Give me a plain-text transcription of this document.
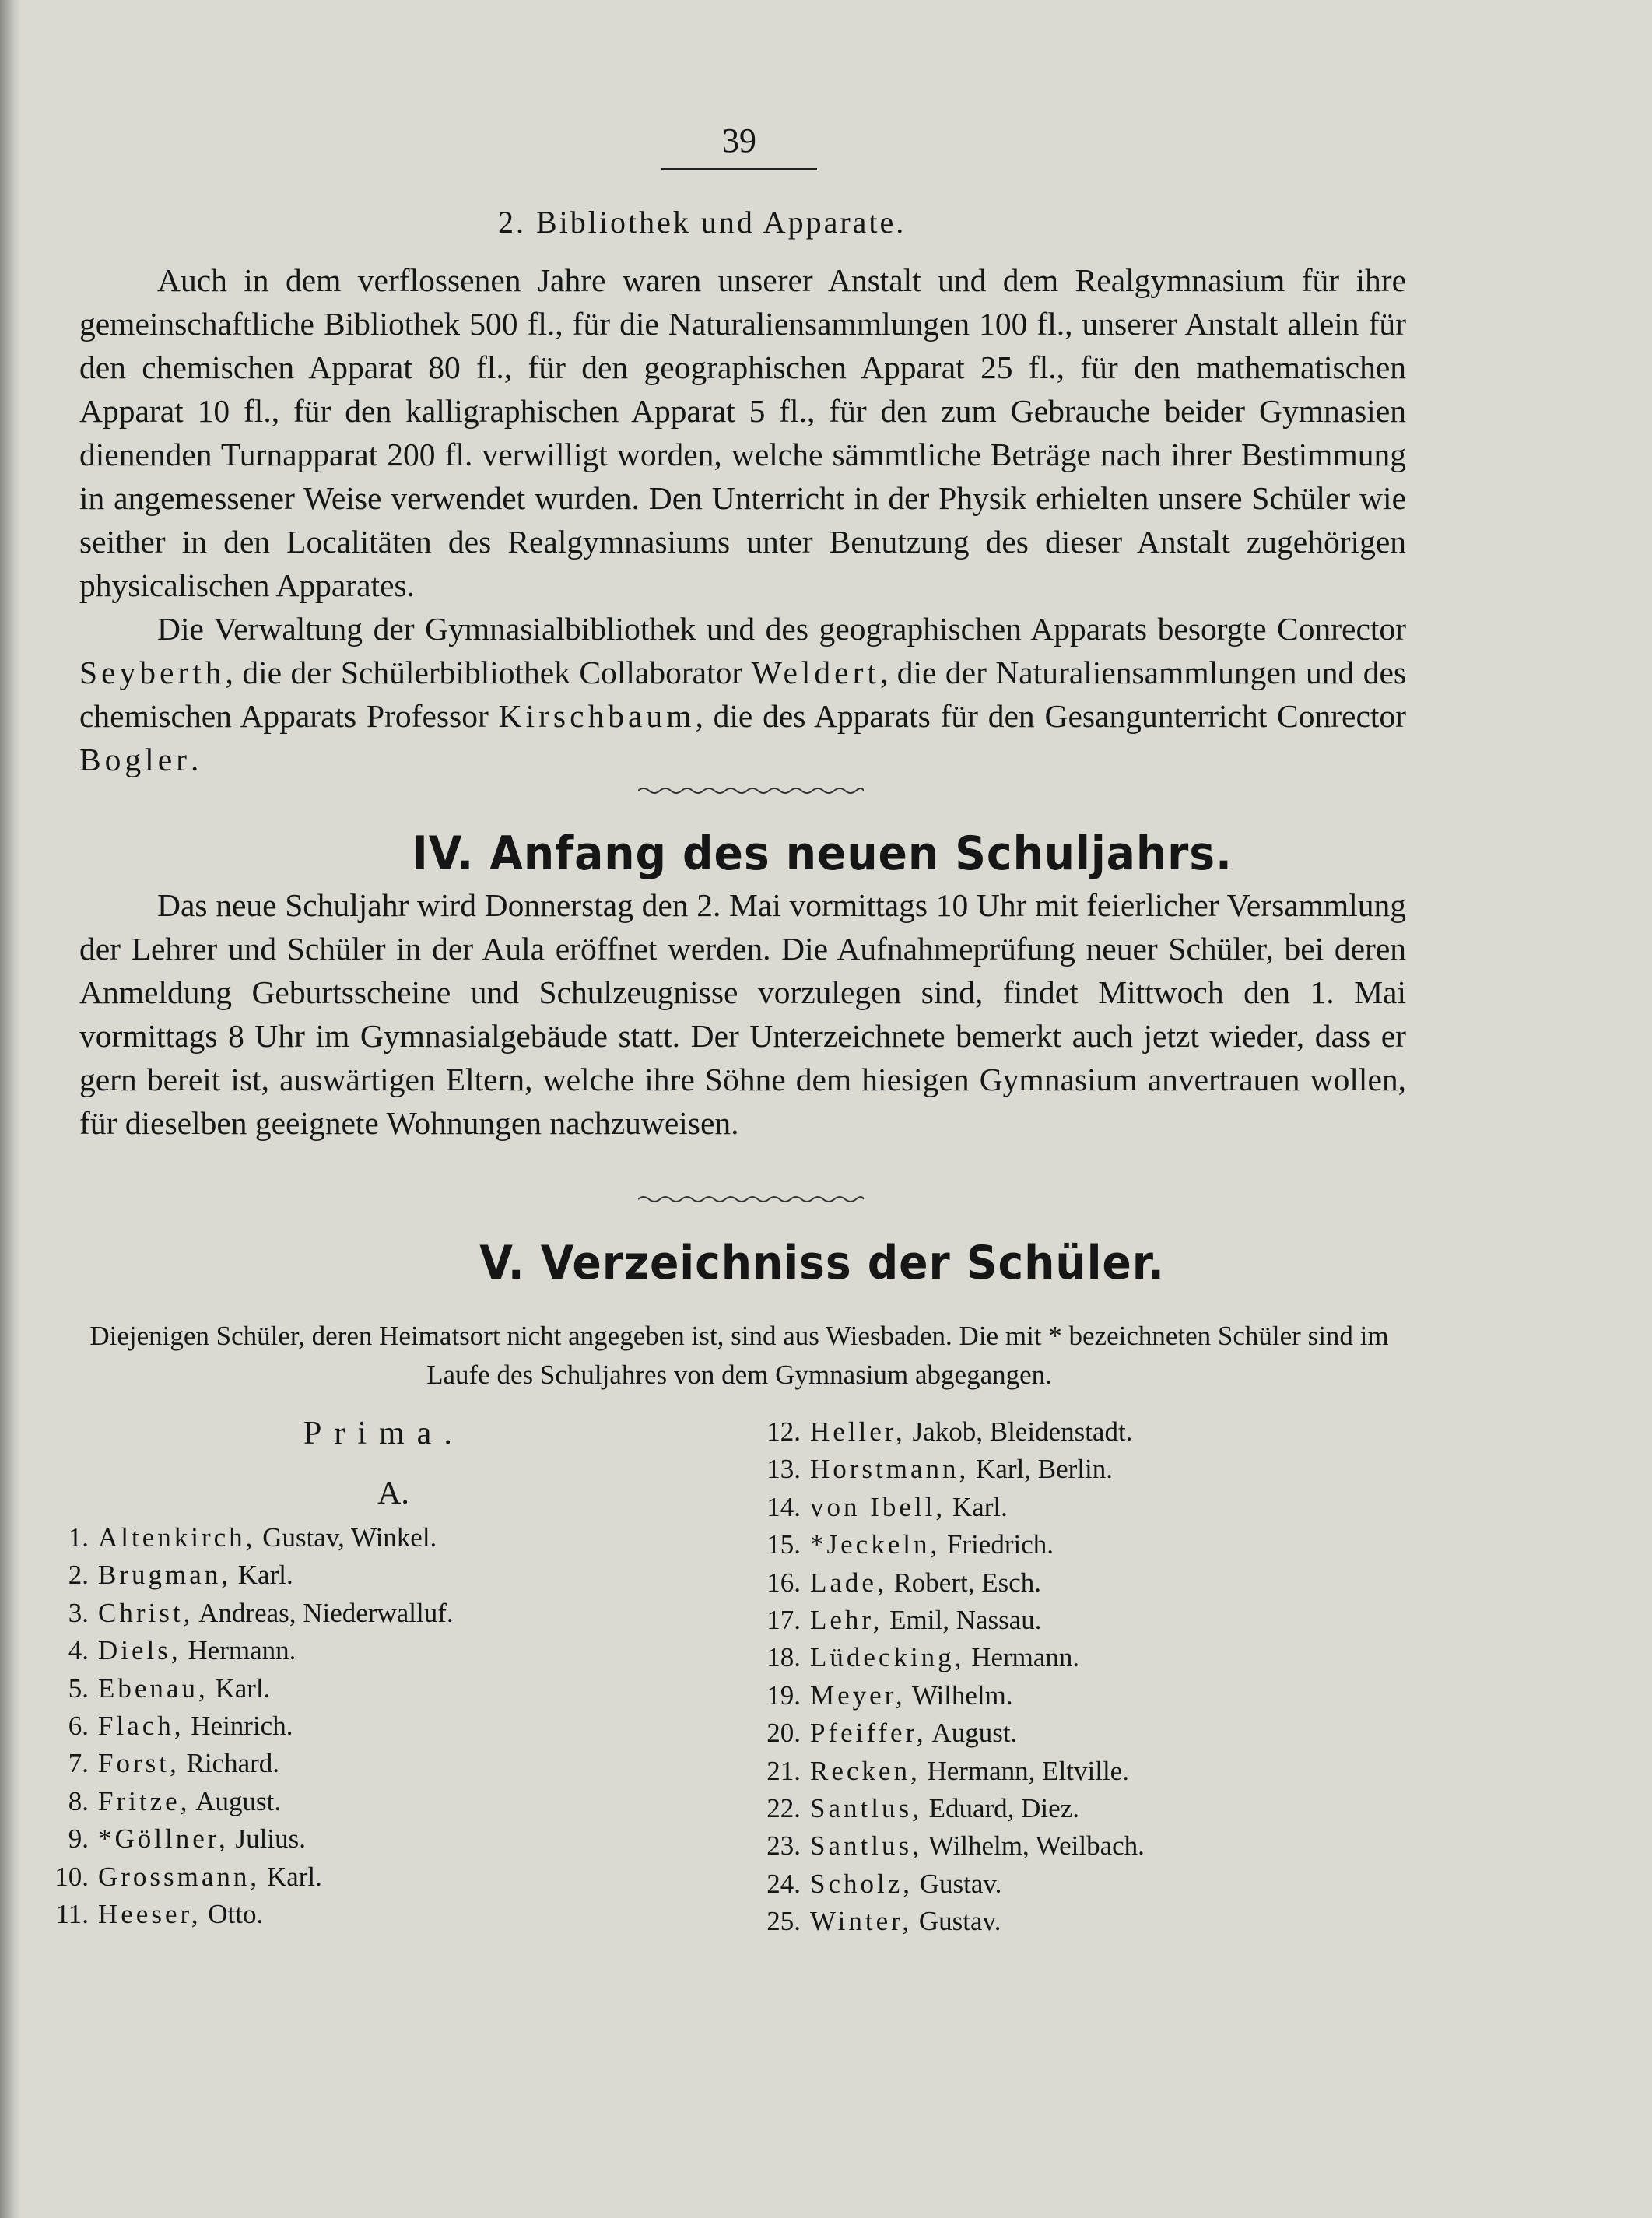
39
2. Bibliothek und Apparate.

Auch in dem verflossenen Jahre waren unserer Anstalt und dem Realgymnasium für ihre gemeinschaftliche Bibliothek 500 fl., für die Naturaliensammlungen 100 fl., unserer Anstalt allein für den chemischen Apparat 80 fl., für den geographischen Apparat 25 fl., für den mathematischen Apparat 10 fl., für den kalligraphischen Apparat 5 fl., für den zum Gebrauche beider Gymnasien dienenden Turnapparat 200 fl. verwilligt worden, welche sämmtliche Beträge nach ihrer Bestimmung in angemessener Weise verwendet wurden. Den Unterricht in der Physik erhielten unsere Schüler wie seither in den Localitäten des Realgymnasiums unter Benutzung des dieser Anstalt zugehörigen physicalischen Apparates.

Die Verwaltung der Gymnasialbibliothek und des geographischen Apparats besorgte Conrector Seyberth, die der Schülerbibliothek Collaborator Weldert, die der Naturaliensammlungen und des chemischen Apparats Professor Kirschbaum, die des Apparats für den Gesangunterricht Conrector Bogler.

IV. Anfang des neuen Schuljahrs.

Das neue Schuljahr wird Donnerstag den 2. Mai vormittags 10 Uhr mit feierlicher Versammlung der Lehrer und Schüler in der Aula eröffnet werden. Die Aufnahmeprüfung neuer Schüler, bei deren Anmeldung Geburtsscheine und Schulzeugnisse vorzulegen sind, findet Mittwoch den 1. Mai vormittags 8 Uhr im Gymnasialgebäude statt. Der Unterzeichnete bemerkt auch jetzt wieder, dass er gern bereit ist, auswärtigen Eltern, welche ihre Söhne dem hiesigen Gymnasium anvertrauen wollen, für dieselben geeignete Wohnungen nachzuweisen.

V. Verzeichniss der Schüler.

Diejenigen Schüler, deren Heimatsort nicht angegeben ist, sind aus Wiesbaden. Die mit * bezeichneten Schüler sind im Laufe des Schuljahres von dem Gymnasium abgegangen.

Prima.
A.
1. Altenkirch, Gustav, Winkel.
2. Brugman, Karl.
3. Christ, Andreas, Niederwalluf.
4. Diels, Hermann.
5. Ebenau, Karl.
6. Flach, Heinrich.
7. Forst, Richard.
8. Fritze, August.
9. *Göllner, Julius.
10. Grossmann, Karl.
11. Heeser, Otto.
12. Heller, Jakob, Bleidenstadt.
13. Horstmann, Karl, Berlin.
14. von Ibell, Karl.
15. *Jeckeln, Friedrich.
16. Lade, Robert, Esch.
17. Lehr, Emil, Nassau.
18. Lüdecking, Hermann.
19. Meyer, Wilhelm.
20. Pfeiffer, August.
21. Recken, Hermann, Eltville.
22. Santlus, Eduard, Diez.
23. Santlus, Wilhelm, Weilbach.
24. Scholz, Gustav.
25. Winter, Gustav.
